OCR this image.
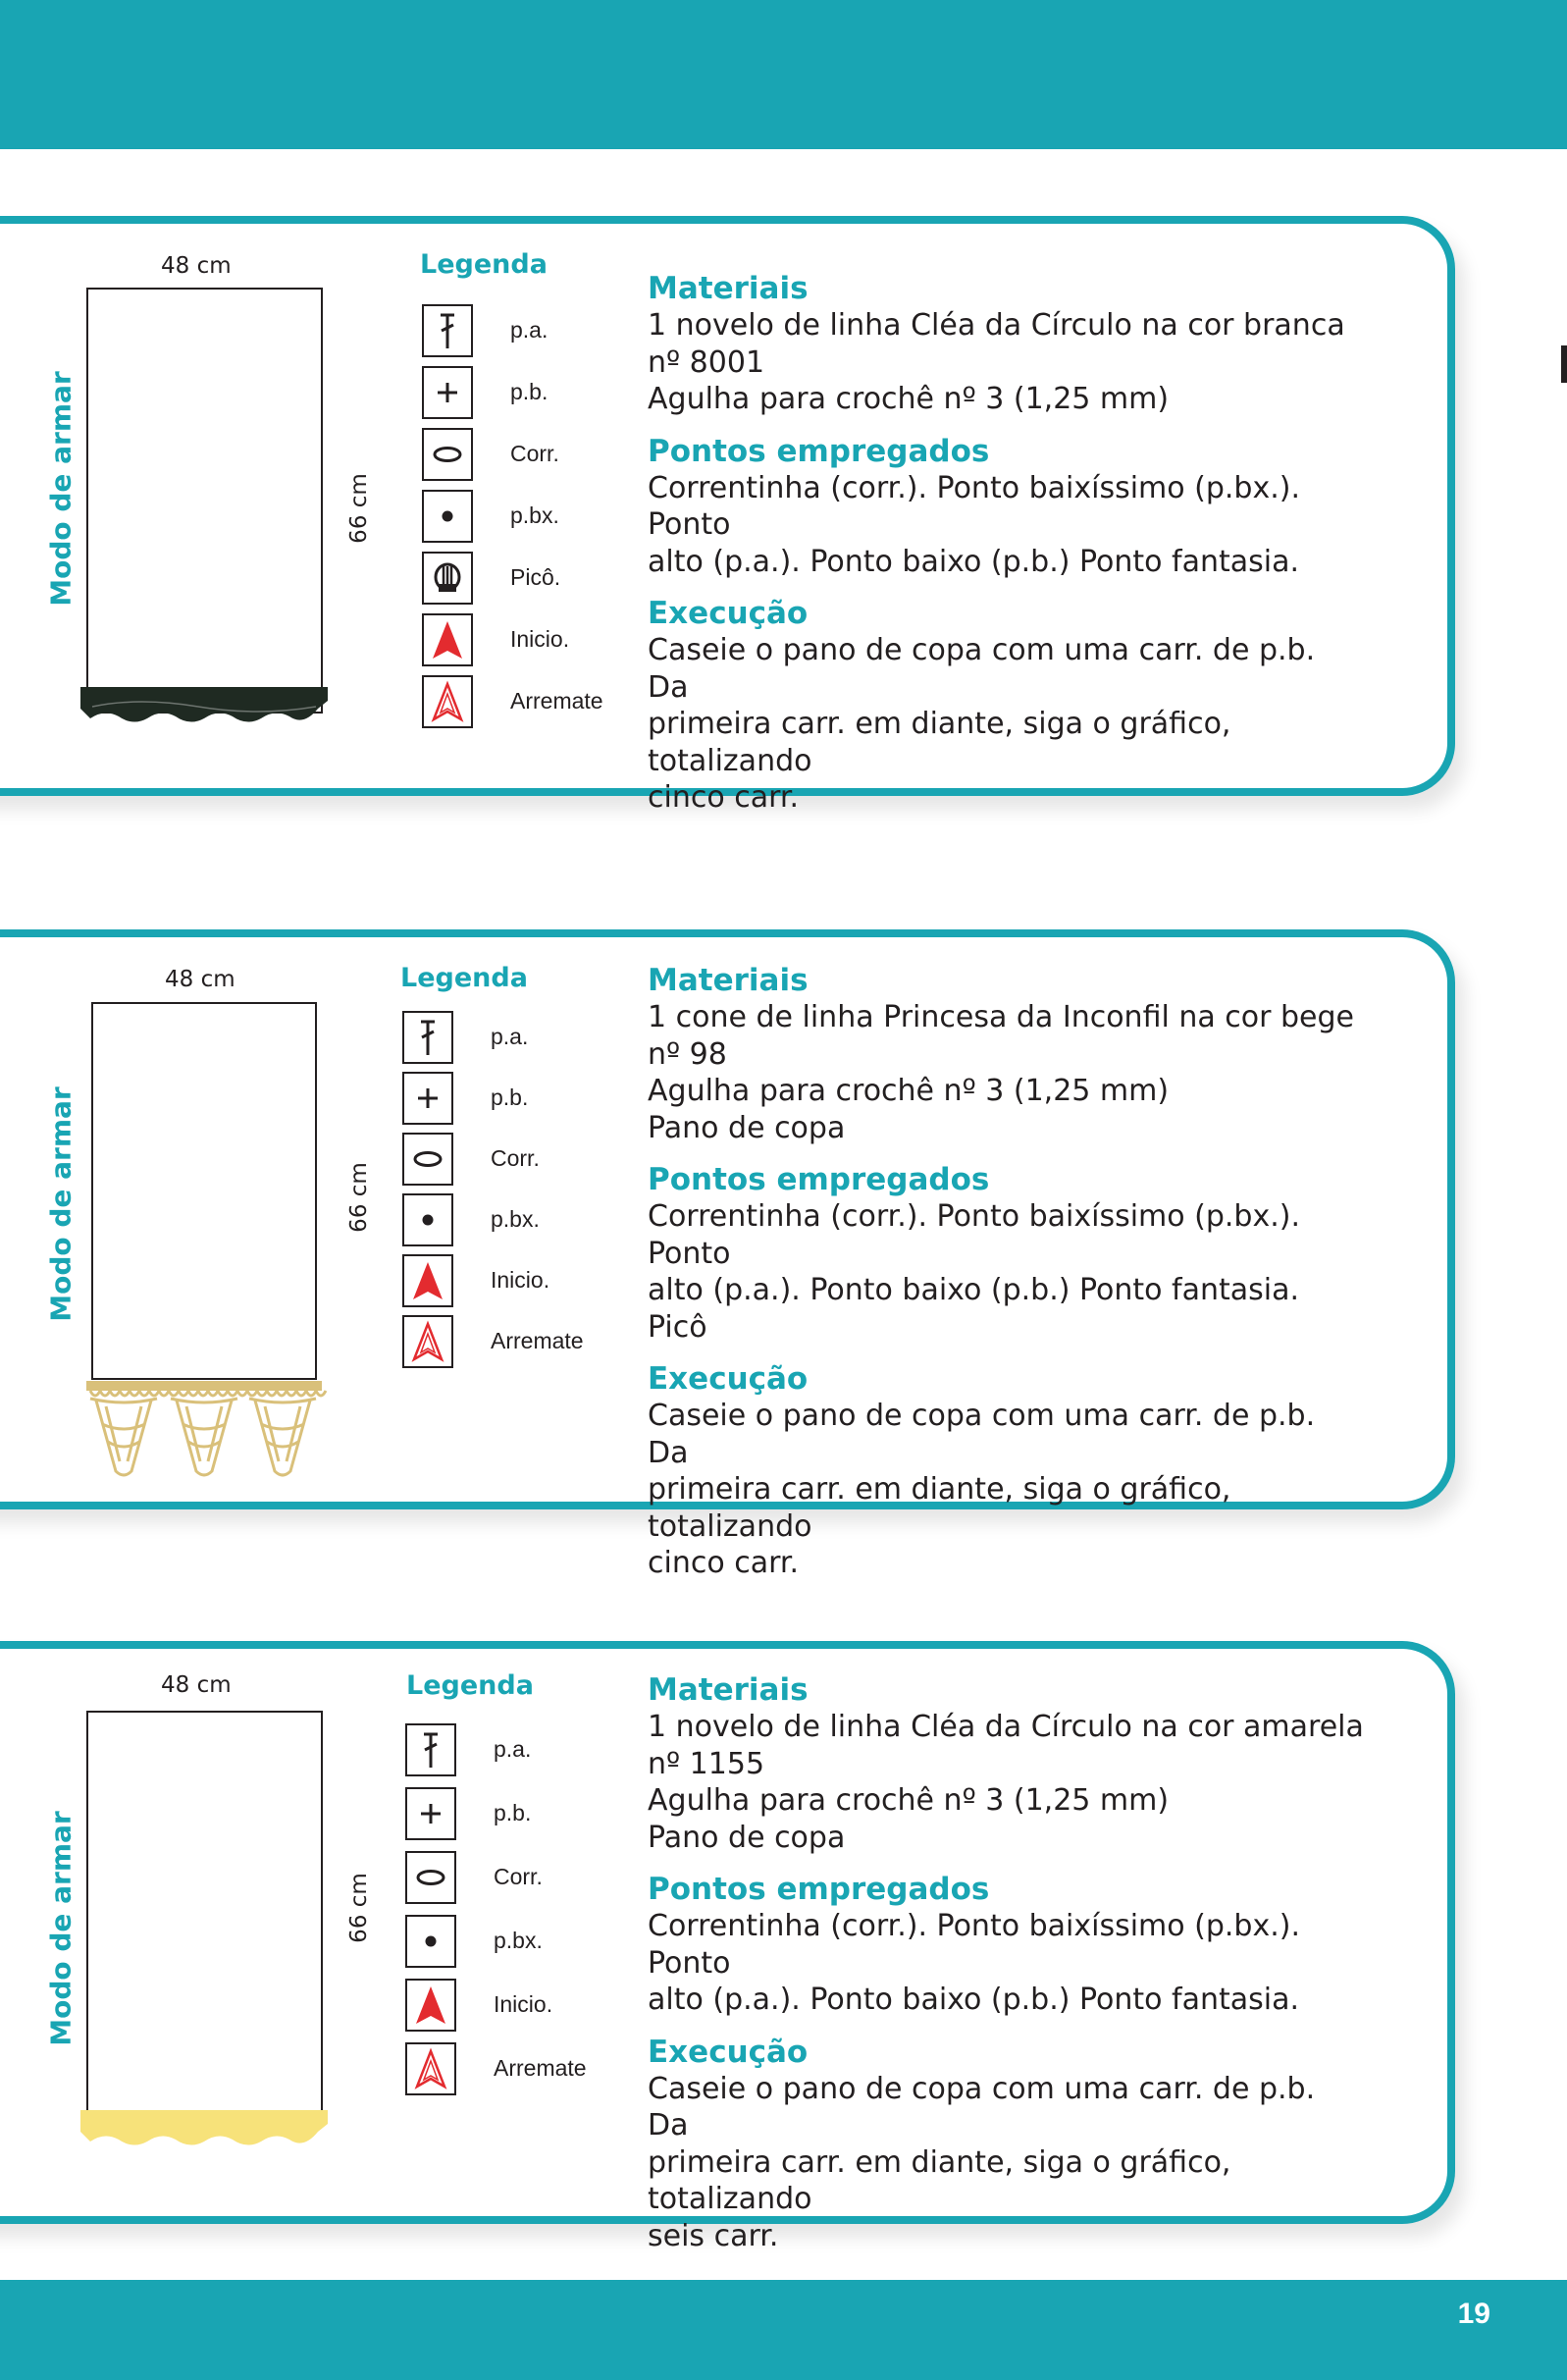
Modo de armar
48 cm
66 cm
Legenda
p.a.
p.b.
Corr.
p.bx.
Picô.
Inicio.
Arremate
Materiais

1 novelo de linha Cléa da Círculo na cor branca

nº 8001

Agulha para crochê nº 3 (1,25 mm)

Pontos empregados

Correntinha (corr.). Ponto baixíssimo (p.bx.). Ponto

alto (p.a.). Ponto baixo (p.b.) Ponto fantasia.

Execução

Caseie o pano de copa com uma carr. de p.b. Da

primeira carr. em diante, siga o gráfico, totalizando

cinco carr.

Modo de armar
48 cm
66 cm
Legenda
p.a.
p.b.
Corr.
p.bx.
Inicio.
Arremate
Materiais

1 cone de linha Princesa da Inconfil na cor bege

nº 98

Agulha para crochê nº 3 (1,25 mm)

Pano de copa

Pontos empregados

Correntinha (corr.). Ponto baixíssimo (p.bx.). Ponto

alto (p.a.). Ponto baixo (p.b.) Ponto fantasia. Picô

Execução

Caseie o pano de copa com uma carr. de p.b. Da

primeira carr. em diante, siga o gráfico, totalizando

cinco carr.

Modo de armar
48 cm
66 cm
Legenda
p.a.
p.b.
Corr.
p.bx.
Inicio.
Arremate
Materiais

1 novelo de linha Cléa da Círculo na cor amarela

nº 1155

Agulha para crochê nº 3 (1,25 mm)

Pano de copa

Pontos empregados

Correntinha (corr.). Ponto baixíssimo (p.bx.). Ponto

alto (p.a.). Ponto baixo (p.b.) Ponto fantasia.

Execução

Caseie o pano de copa com uma carr. de p.b. Da

primeira carr. em diante, siga o gráfico, totalizando

seis carr.

19
